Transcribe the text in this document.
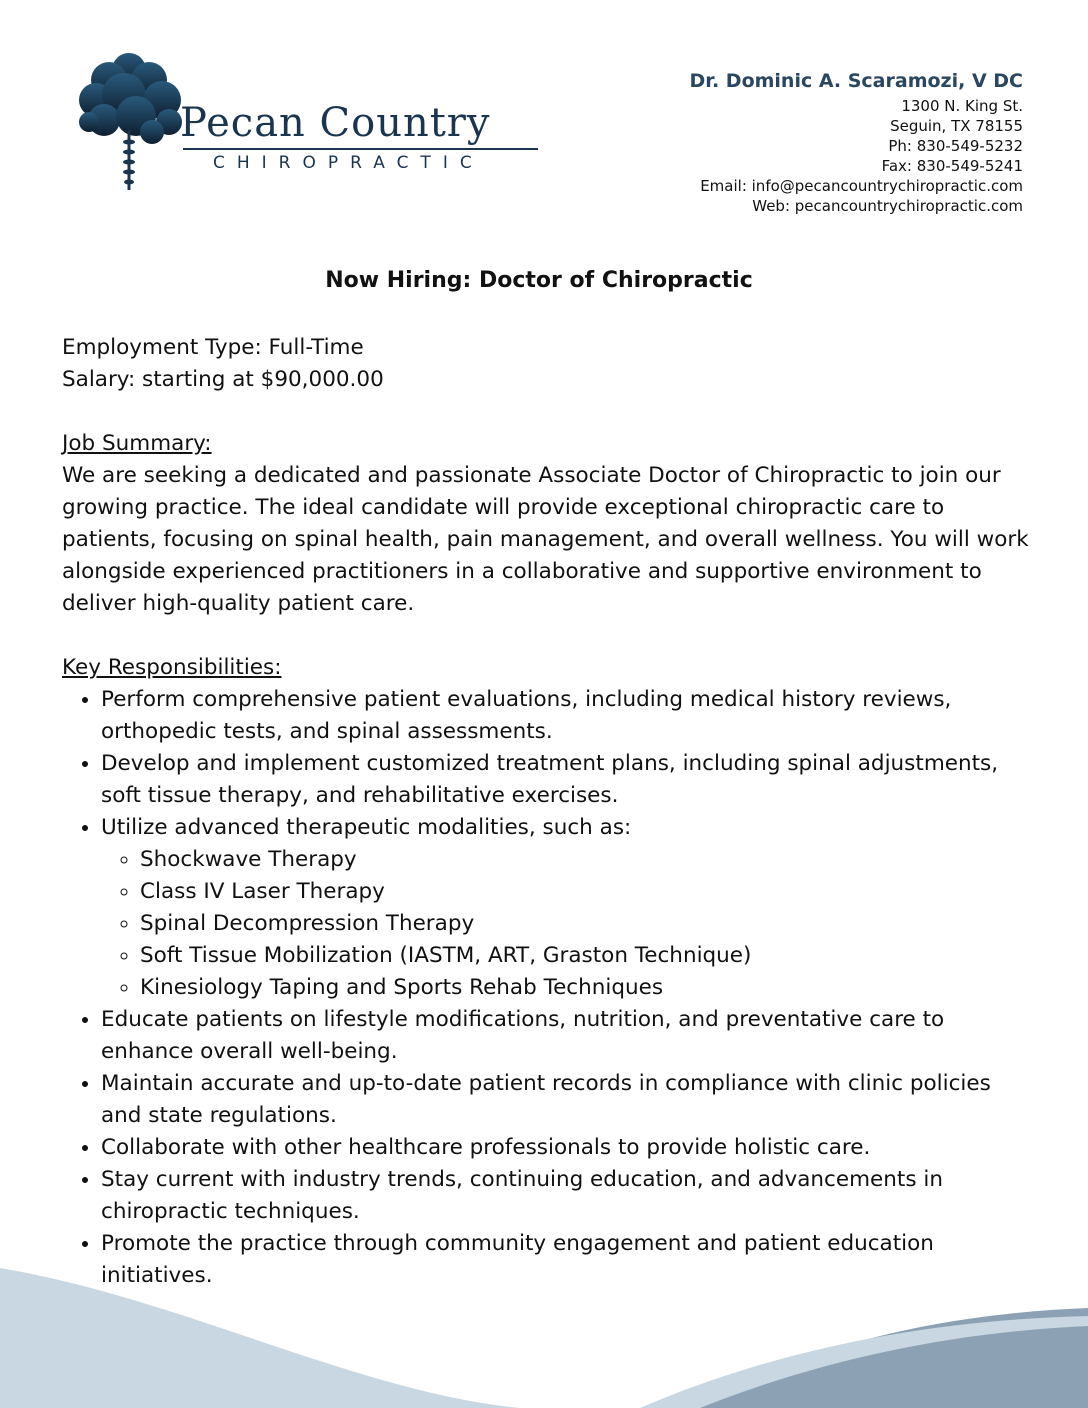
Pecan Country
CHIROPRACTIC
Dr. Dominic A. Scaramozi, V DC
1300 N. King St.
Seguin, TX 78155
Ph: 830-549-5232
Fax: 830-549-5241
Email: info@pecancountrychiropractic.com
Web: pecancountrychiropractic.com
Now Hiring: Doctor of Chiropractic

Employment Type: Full-Time

Salary: starting at $90,000.00

Job Summary:

We are seeking a dedicated and passionate Associate Doctor of Chiropractic to join our growing practice. The ideal candidate will provide exceptional chiropractic care to patients, focusing on spinal health, pain management, and overall wellness. You will work alongside experienced practitioners in a collaborative and supportive environment to deliver high-quality patient care.

Key Responsibilities:

• Perform comprehensive patient evaluations, including medical history reviews, orthopedic tests, and spinal assessments.
• Develop and implement customized treatment plans, including spinal adjustments, soft tissue therapy, and rehabilitative exercises.
• Utilize advanced therapeutic modalities, such as:
◦ Shockwave Therapy
◦ Class IV Laser Therapy
◦ Spinal Decompression Therapy
◦ Soft Tissue Mobilization (IASTM, ART, Graston Technique)
◦ Kinesiology Taping and Sports Rehab Techniques
• Educate patients on lifestyle modifications, nutrition, and preventative care to enhance overall well-being.
• Maintain accurate and up-to-date patient records in compliance with clinic policies and state regulations.
• Collaborate with other healthcare professionals to provide holistic care.
• Stay current with industry trends, continuing education, and advancements in chiropractic techniques.
• Promote the practice through community engagement and patient education initiatives.
